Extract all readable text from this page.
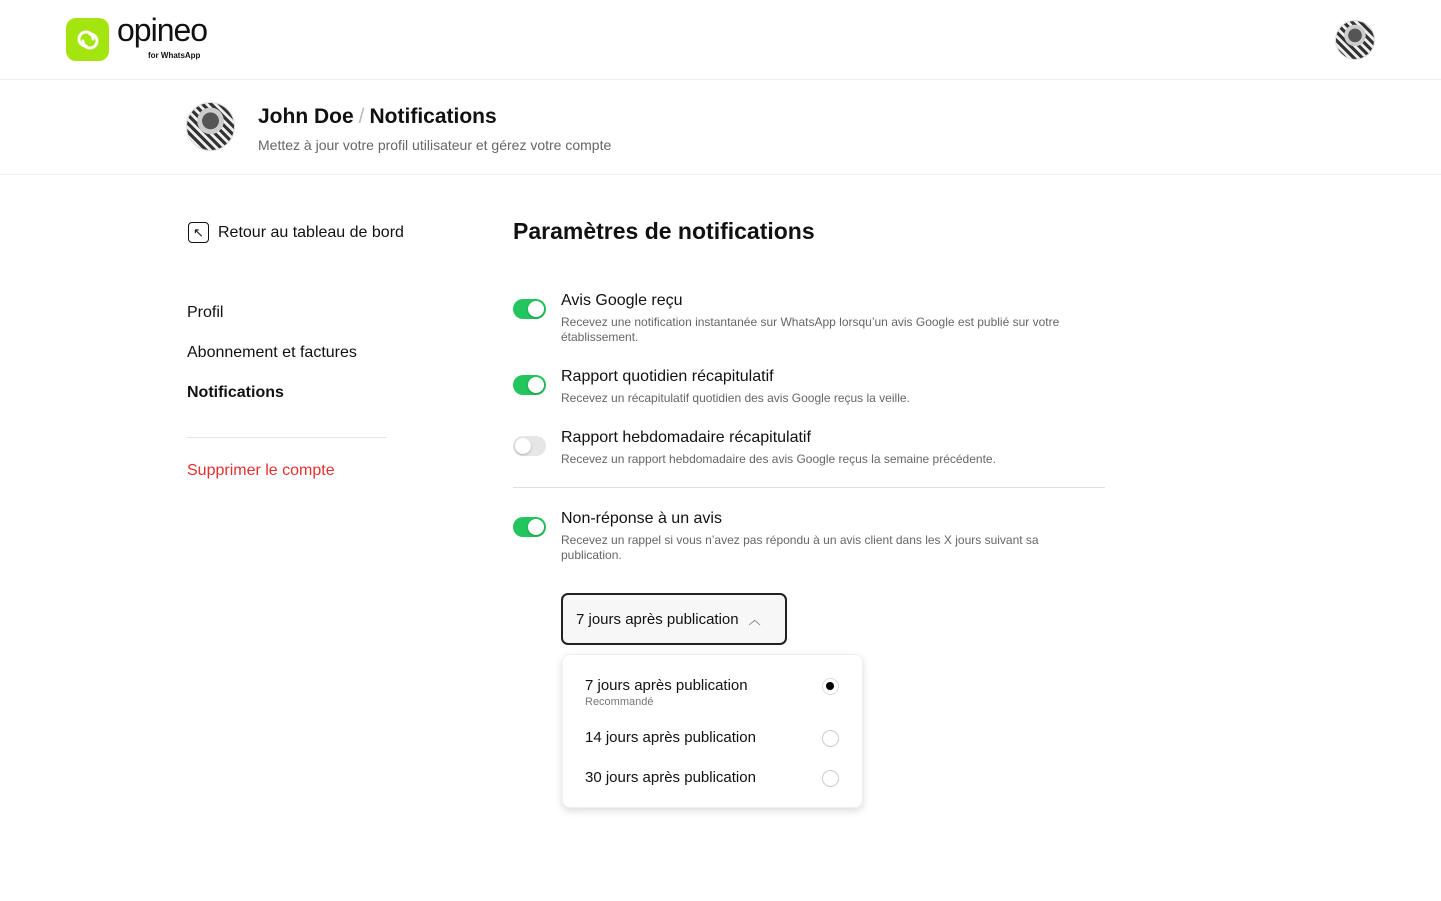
opineo
for WhatsApp
John Doe / Notifications
Mettez à jour votre profil utilisateur et gérez votre compte
↖ Retour au tableau de bord
Profil
Abonnement et factures
Notifications
Supprimer le compte
Paramètres de notifications
Avis Google reçu
Recevez une notification instantanée sur WhatsApp lorsqu’un avis Google est publié sur votre établissement.
Rapport quotidien récapitulatif
Recevez un récapitulatif quotidien des avis Google reçus la veille.
Rapport hebdomadaire récapitulatif
Recevez un rapport hebdomadaire des avis Google reçus la semaine précédente.
Non-réponse à un avis
Recevez un rappel si vous n’avez pas répondu à un avis client dans les X jours suivant sa publication.
7 jours après publication ︿
7 jours après publication
Recommandé
14 jours après publication
30 jours après publication
